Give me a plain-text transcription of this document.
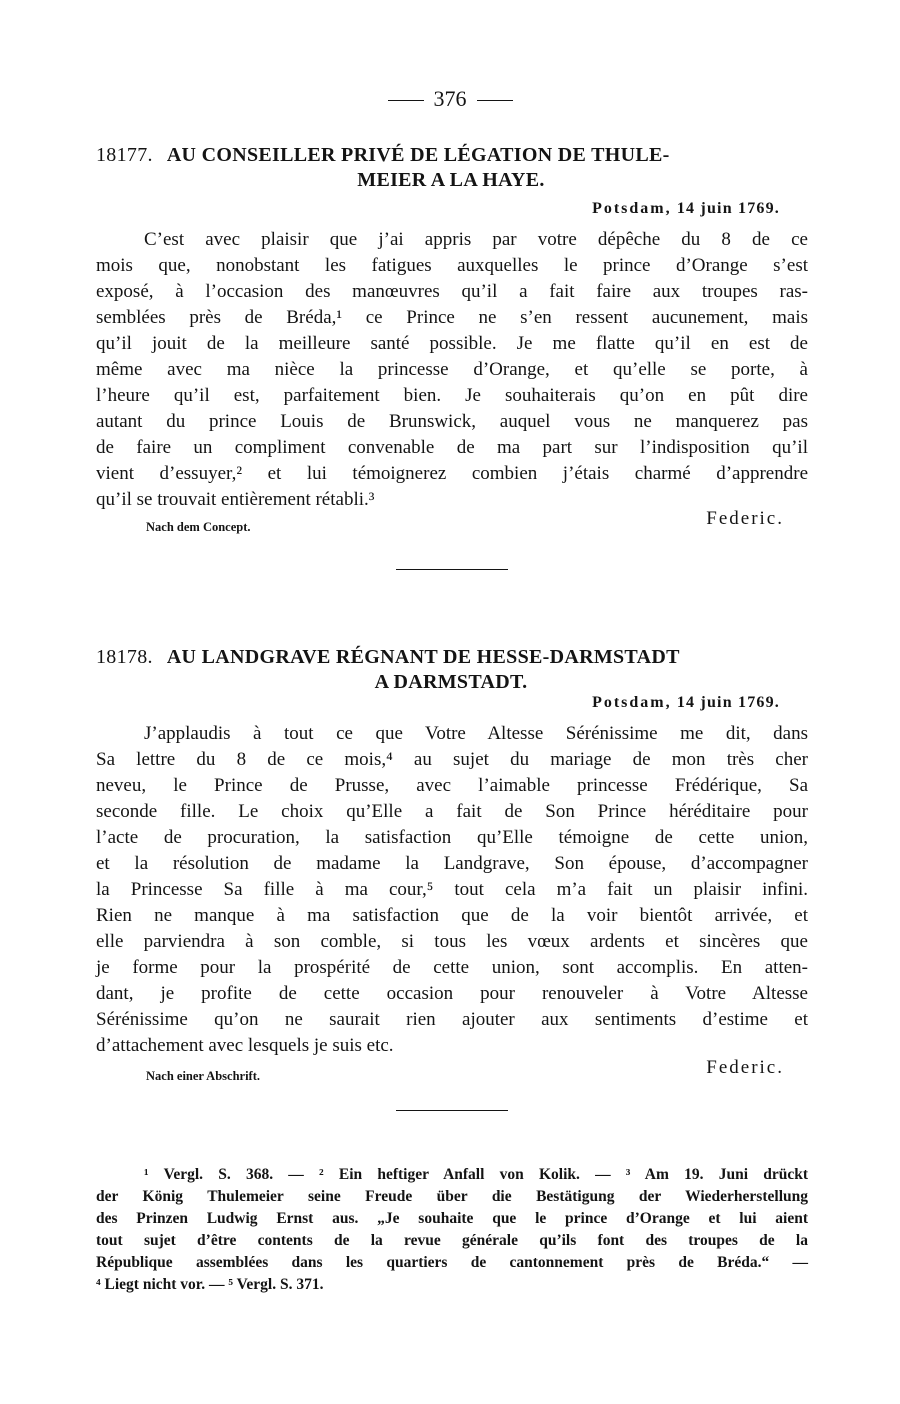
376
18177. AU CONSEILLER PRIVÉ DE LÉGATION DE THULE-
MEIER A LA HAYE.
Potsdam, 14 juin 1769.
C’est avec plaisir que j’ai appris par votre dépêche du 8 de ce
mois que, nonobstant les fatigues auxquelles le prince d’Orange s’est
exposé, à l’occasion des manœuvres qu’il a fait faire aux troupes ras-
semblées près de Bréda,¹ ce Prince ne s’en ressent aucunement, mais
qu’il jouit de la meilleure santé possible. Je me flatte qu’il en est de
même avec ma nièce la princesse d’Orange, et qu’elle se porte, à
l’heure qu’il est, parfaitement bien. Je souhaiterais qu’on en pût dire
autant du prince Louis de Brunswick, auquel vous ne manquerez pas
de faire un compliment convenable de ma part sur l’indisposition qu’il
vient d’essuyer,² et lui témoignerez combien j’étais charmé d’apprendre
qu’il se trouvait entièrement rétabli.³
Nach dem Concept.	Federic.
18178. AU LANDGRAVE RÉGNANT DE HESSE-DARMSTADT
A DARMSTADT.
Potsdam, 14 juin 1769.
J’applaudis à tout ce que Votre Altesse Sérénissime me dit, dans
Sa lettre du 8 de ce mois,⁴ au sujet du mariage de mon très cher
neveu, le Prince de Prusse, avec l’aimable princesse Frédérique, Sa
seconde fille. Le choix qu’Elle a fait de Son Prince héréditaire pour
l’acte de procuration, la satisfaction qu’Elle témoigne de cette union,
et la résolution de madame la Landgrave, Son épouse, d’accompagner
la Princesse Sa fille à ma cour,⁵ tout cela m’a fait un plaisir infini.
Rien ne manque à ma satisfaction que de la voir bientôt arrivée, et
elle parviendra à son comble, si tous les vœux ardents et sincères que
je forme pour la prospérité de cette union, sont accomplis. En atten-
dant, je profite de cette occasion pour renouveler à Votre Altesse
Sérénissime qu’on ne saurait rien ajouter aux sentiments d’estime et
d’attachement avec lesquels je suis etc.
Nach einer Abschrift.	Federic.
¹ Vergl. S. 368. — ² Ein heftiger Anfall von Kolik. — ³ Am 19. Juni drückt
der König Thulemeier seine Freude über die Bestätigung der Wiederherstellung
des Prinzen Ludwig Ernst aus. „Je souhaite que le prince d’Orange et lui aient
tout sujet d’être contents de la revue générale qu’ils font des troupes de la
République assemblées dans les quartiers de cantonnement près de Bréda.“ —
⁴ Liegt nicht vor. — ⁵ Vergl. S. 371.
